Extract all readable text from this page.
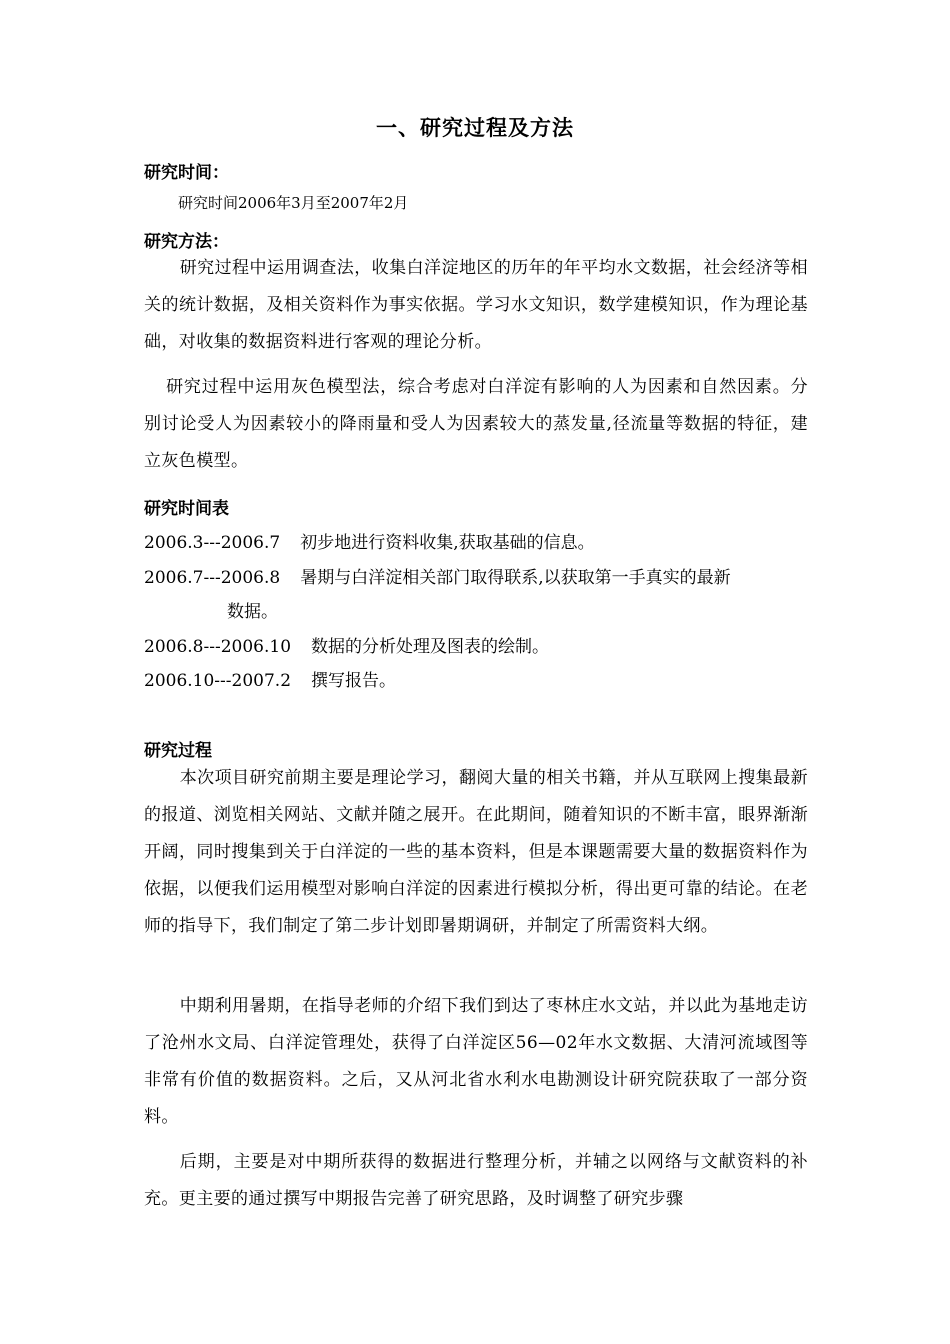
一、研究过程及方法
研究时间：
研究时间2006年3月至2007年2月
研究方法：
研究过程中运用调查法，收集白洋淀地区的历年的年平均水文数据，社会经济等相关的统计数据，及相关资料作为事实依据。学习水文知识，数学建模知识，作为理论基础，对收集的数据资料进行客观的理论分析。
研究过程中运用灰色模型法，综合考虑对白洋淀有影响的人为因素和自然因素。分别讨论受人为因素较小的降雨量和受人为因素较大的蒸发量,径流量等数据的特征，建立灰色模型。
研究时间表
2006.3---2006.7 初步地进行资料收集,获取基础的信息。
2006.7---2006.8 暑期与白洋淀相关部门取得联系,以获取第一手真实的最新
数据。
2006.8---2006.10 数据的分析处理及图表的绘制。
2006.10---2007.2 撰写报告。
研究过程
本次项目研究前期主要是理论学习，翻阅大量的相关书籍，并从互联网上搜集最新的报道、浏览相关网站、文献并随之展开。在此期间，随着知识的不断丰富，眼界渐渐开阔，同时搜集到关于白洋淀的一些的基本资料，但是本课题需要大量的数据资料作为依据，以便我们运用模型对影响白洋淀的因素进行模拟分析，得出更可靠的结论。在老师的指导下，我们制定了第二步计划即暑期调研，并制定了所需资料大纲。
中期利用暑期，在指导老师的介绍下我们到达了枣林庄水文站，并以此为基地走访了沧州水文局、白洋淀管理处，获得了白洋淀区56—02年水文数据、大清河流域图等非常有价值的数据资料。之后，又从河北省水利水电勘测设计研究院获取了一部分资料。
后期，主要是对中期所获得的数据进行整理分析，并辅之以网络与文献资料的补充。更主要的通过撰写中期报告完善了研究思路，及时调整了研究步骤
